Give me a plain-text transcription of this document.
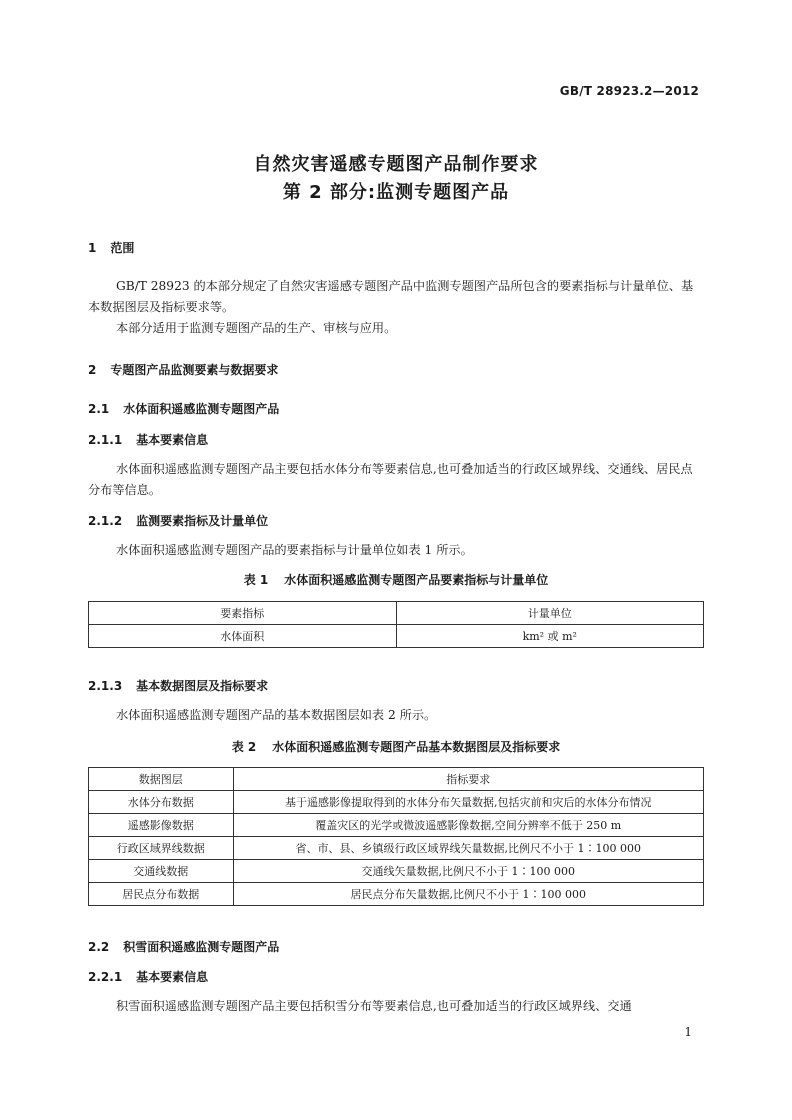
GB/T 28923.2—2012
自然灾害遥感专题图产品制作要求
第 2 部分:监测专题图产品
1 范围
GB/T 28923 的本部分规定了自然灾害遥感专题图产品中监测专题图产品所包含的要素指标与计量单位、基本数据图层及指标要求等。
本部分适用于监测专题图产品的生产、审核与应用。
2 专题图产品监测要素与数据要求
2.1 水体面积遥感监测专题图产品
2.1.1 基本要素信息
水体面积遥感监测专题图产品主要包括水体分布等要素信息,也可叠加适当的行政区域界线、交通线、居民点分布等信息。
2.1.2 监测要素指标及计量单位
水体面积遥感监测专题图产品的要素指标与计量单位如表 1 所示。
表 1 水体面积遥感监测专题图产品要素指标与计量单位
要素指标	计量单位
水体面积	km² 或 m²
2.1.3 基本数据图层及指标要求
水体面积遥感监测专题图产品的基本数据图层如表 2 所示。
表 2 水体面积遥感监测专题图产品基本数据图层及指标要求
数据图层	指标要求
水体分布数据	基于遥感影像提取得到的水体分布矢量数据,包括灾前和灾后的水体分布情况
遥感影像数据	覆盖灾区的光学或微波遥感影像数据,空间分辨率不低于 250 m
行政区域界线数据	省、市、县、乡镇级行政区域界线矢量数据,比例尺不小于 1∶100 000
交通线数据	交通线矢量数据,比例尺不小于 1∶100 000
居民点分布数据	居民点分布矢量数据,比例尺不小于 1∶100 000
2.2 积雪面积遥感监测专题图产品
2.2.1 基本要素信息
积雪面积遥感监测专题图产品主要包括积雪分布等要素信息,也可叠加适当的行政区域界线、交通
1
